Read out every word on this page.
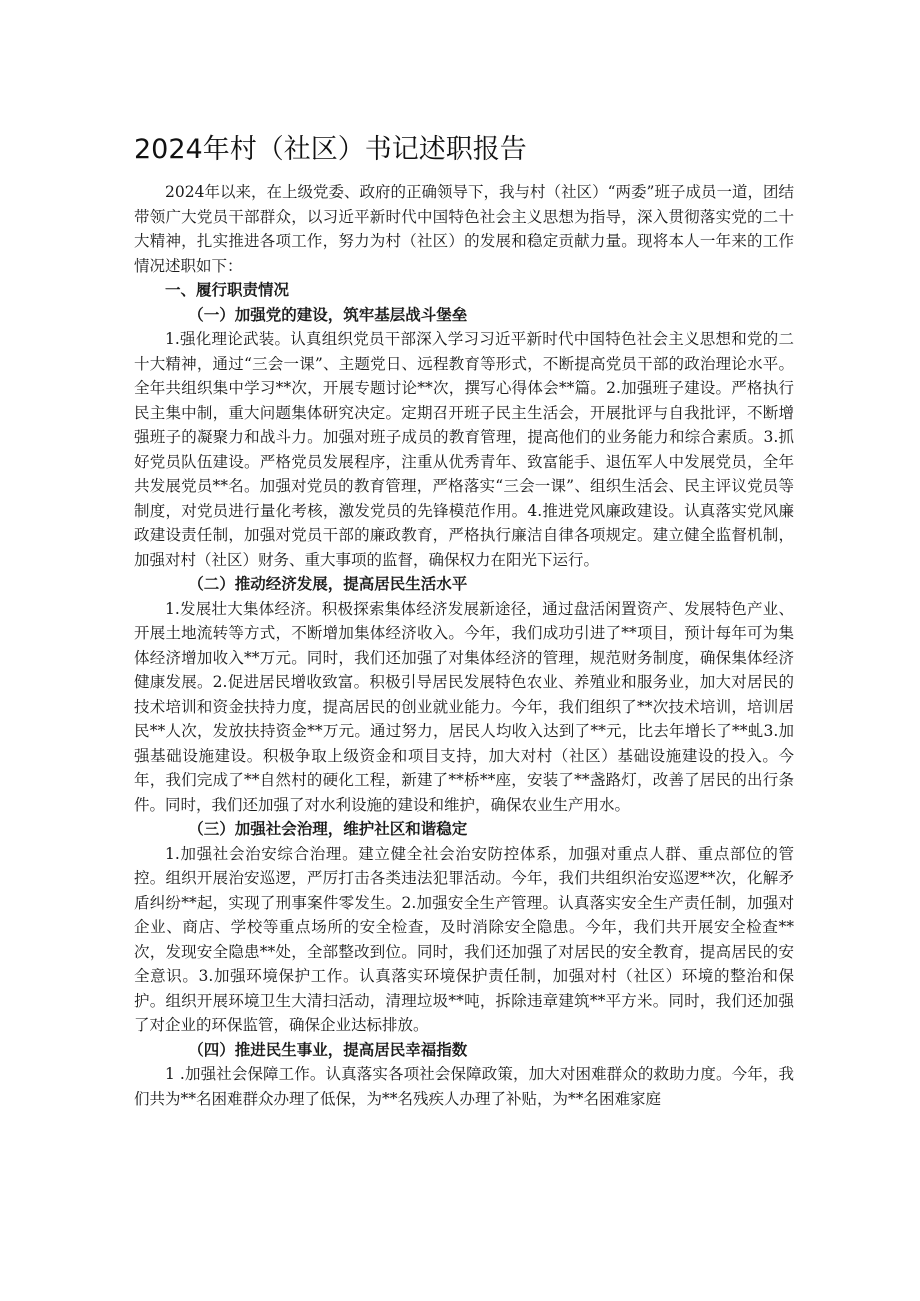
2024年村（社区）书记述职报告

2024年以来，在上级党委、政府的正确领导下，我与村（社区）“两委”班子成员一道，团结带领广大党员干部群众，以习近平新时代中国特色社会主义思想为指导，深入贯彻落实党的二十大精神，扎实推进各项工作，努力为村（社区）的发展和稳定贡献力量。现将本人一年来的工作情况述职如下：

一、履行职责情况

（一）加强党的建设，筑牢基层战斗堡垒

1.强化理论武装。认真组织党员干部深入学习习近平新时代中国特色社会主义思想和党的二十大精神，通过“三会一课”、主题党日、远程教育等形式，不断提高党员干部的政治理论水平。全年共组织集中学习**次，开展专题讨论**次，撰写心得体会**篇。2.加强班子建设。严格执行民主集中制，重大问题集体研究决定。定期召开班子民主生活会，开展批评与自我批评，不断增强班子的凝聚力和战斗力。加强对班子成员的教育管理，提高他们的业务能力和综合素质。3.抓好党员队伍建设。严格党员发展程序，注重从优秀青年、致富能手、退伍军人中发展党员，全年共发展党员**名。加强对党员的教育管理，严格落实“三会一课”、组织生活会、民主评议党员等制度，对党员进行量化考核，激发党员的先锋模范作用。4.推进党风廉政建设。认真落实党风廉政建设责任制，加强对党员干部的廉政教育，严格执行廉洁自律各项规定。建立健全监督机制，加强对村（社区）财务、重大事项的监督，确保权力在阳光下运行。

（二）推动经济发展，提高居民生活水平

1.发展壮大集体经济。积极探索集体经济发展新途径，通过盘活闲置资产、发展特色产业、开展土地流转等方式，不断增加集体经济收入。今年，我们成功引进了**项目，预计每年可为集体经济增加收入**万元。同时，我们还加强了对集体经济的管理，规范财务制度，确保集体经济健康发展。2.促进居民增收致富。积极引导居民发展特色农业、养殖业和服务业，加大对居民的技术培训和资金扶持力度，提高居民的创业就业能力。今年，我们组织了**次技术培训，培训居民**人次，发放扶持资金**万元。通过努力，居民人均收入达到了**元，比去年增长了**虬3.加强基础设施建设。积极争取上级资金和项目支持，加大对村（社区）基础设施建设的投入。今年，我们完成了**自然村的硬化工程，新建了**桥**座，安装了**盏路灯，改善了居民的出行条件。同时，我们还加强了对水利设施的建设和维护，确保农业生产用水。

（三）加强社会治理，维护社区和谐稳定

1.加强社会治安综合治理。建立健全社会治安防控体系，加强对重点人群、重点部位的管控。组织开展治安巡逻，严厉打击各类违法犯罪活动。今年，我们共组织治安巡逻**次，化解矛盾纠纷**起，实现了刑事案件零发生。2.加强安全生产管理。认真落实安全生产责任制，加强对企业、商店、学校等重点场所的安全检查，及时消除安全隐患。今年，我们共开展安全检查**次，发现安全隐患**处，全部整改到位。同时，我们还加强了对居民的安全教育，提高居民的安全意识。3.加强环境保护工作。认真落实环境保护责任制，加强对村（社区）环境的整治和保护。组织开展环境卫生大清扫活动，清理垃圾**吨，拆除违章建筑**平方米。同时，我们还加强了对企业的环保监管，确保企业达标排放。

（四）推进民生事业，提高居民幸福指数

1 .加强社会保障工作。认真落实各项社会保障政策，加大对困难群众的救助力度。今年，我们共为**名困难群众办理了低保，为**名残疾人办理了补贴，为**名困难家庭
